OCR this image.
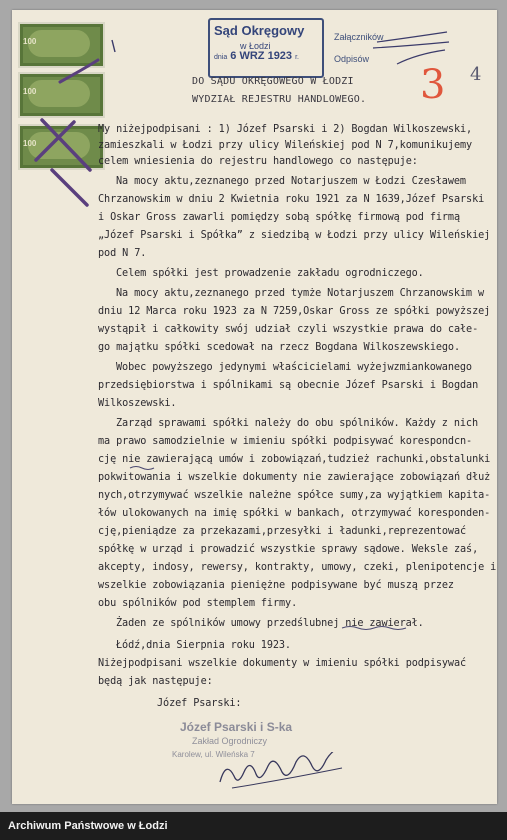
100
100
100
Sąd Okręgowy
w Łodzi
dnia 6 WRZ 1923 r.
Załączników
Odpisów
3 4
DO SĄDU OKRĘGOWEGO W ŁODZI
WYDZIAŁ REJESTRU HANDLOWEGO.
My niżejpodpisani : 1) Józef Psarski i 2) Bogdan Wilkoszewski,
zamieszkali w Łodzi przy ulicy Wileńskiej pod N 7,komunikujemy
celem wniesienia do rejestru handlowego co następuje:
Na mocy aktu,zeznanego przed Notarjuszem w Łodzi Czesławem
Chrzanowskim w dniu 2 Kwietnia roku 1921 za N 1639,Józef Psarski
i Oskar Gross zawarli pomiędzy sobą spółkę firmową pod firmą
„Józef Psarski i Spółka” z siedzibą w Łodzi przy ulicy Wileńskiej
pod N 7.
Celem spółki jest prowadzenie zakładu ogrodniczego.
Na mocy aktu,zeznanego przed tymże Notarjuszem Chrzanowskim w
dniu 12 Marca roku 1923 za N 7259,Oskar Gross ze spółki powyższej
wystąpił i całkowity swój udział czyli wszystkie prawa do całe-
go majątku spółki scedował na rzecz Bogdana Wilkoszewskiego.
Wobec powyższego jedynymi właścicielami wyżejwzmiankowanego
przedsiębiorstwa i spólnikami są obecnie Józef Psarski i Bogdan
Wilkoszewski.
Zarząd sprawami spółki należy do obu spólników. Każdy z nich
ma prawo samodzielnie w imieniu spółki podpisywać korespondcn-
cję nie zawierającą umów i zobowiązań,tudzież rachunki,obstalunki
pokwitowania i wszelkie dokumenty nie zawierające zobowiązań dłuż
nych,otrzymywać wszelkie należne spółce sumy,za wyjątkiem kapita-
łów ulokowanych na imię spółki w bankach, otrzymywać koresponden-
cję,pieniądze za przekazami,przesyłki i ładunki,reprezentować
spółkę w urząd i prowadzić wszystkie sprawy sądowe. Weksle zaś,
akcepty, indosy, rewersy, kontrakty, umowy, czeki, plenipotencje i
wszelkie zobowiązania pieniężne podpisywane być muszą przez
obu spólników pod stemplem firmy.
Żaden ze spólników umowy przedślubnej nie zawierał.
Łódź,dnia Sierpnia roku 1923.
Niżejpodpisani wszelkie dokumenty w imieniu spółki podpisywać
będą jak następuje:
Józef Psarski:
Józef Psarski i S-ka
Zakład Ogrodniczy
Karolew, ul. Wileńska 7
Archiwum Państwowe w Łodzi
